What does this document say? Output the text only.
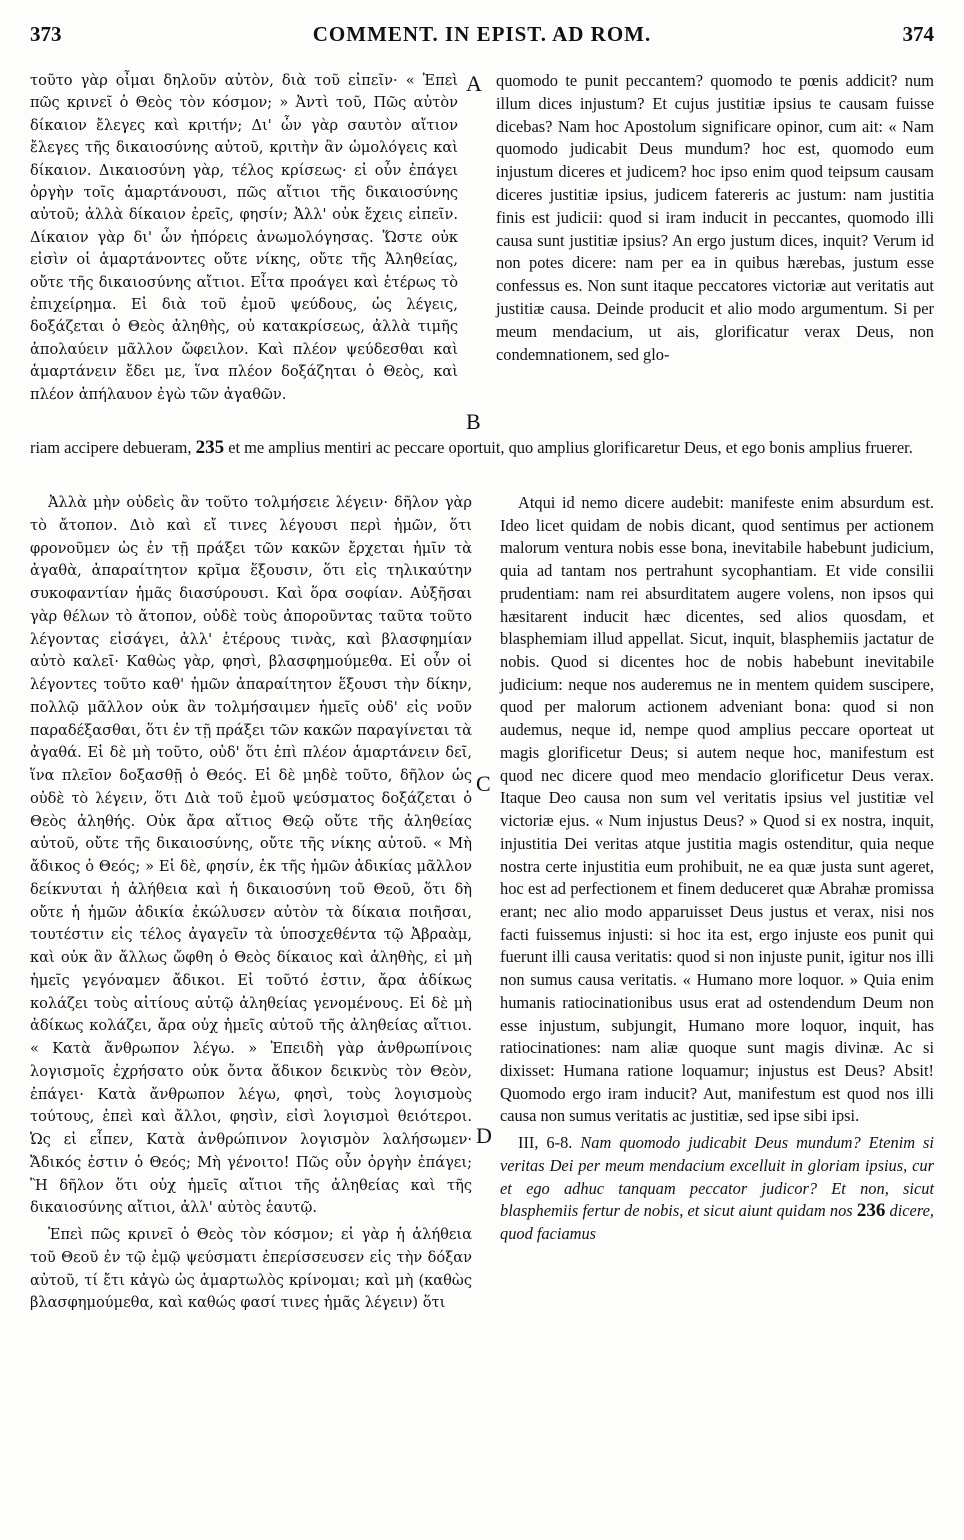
373	COMMENT. IN EPIST. AD ROM.	374

τοῦτο γὰρ οἶμαι δηλοῦν αὐτὸν, διὰ τοῦ εἰπεῖν· « Ἐπεὶ πῶς κρινεῖ ὁ Θεὸς τὸν κόσμον; » Ἀντὶ τοῦ, Πῶς αὐτὸν δίκαιον ἔλεγες καὶ κριτήν; Δι' ὧν γὰρ σαυτὸν αἴτιον ἔλεγες τῆς δικαιοσύνης αὐτοῦ, κριτὴν ἂν ὡμολόγεις καὶ δίκαιον. Δικαιοσύνη γὰρ, τέλος κρίσεως· εἰ οὖν ἐπάγει ὀργὴν τοῖς ἁμαρτάνουσι, πῶς αἴτιοι τῆς δικαιοσύνης αὐτοῦ; ἀλλὰ δίκαιον ἐρεῖς, φησίν; Ἀλλ' οὐκ ἔχεις εἰπεῖν. Δίκαιον γὰρ δι' ὧν ἠπόρεις ἀνωμολόγησας. Ὥστε οὐκ εἰσὶν οἱ ἁμαρτάνοντες οὔτε νίκης, οὔτε τῆς Ἀληθείας, οὔτε τῆς δικαιοσύνης αἴτιοι. Εἶτα προάγει καὶ ἑτέρως τὸ ἐπιχείρημα. Εἰ διὰ τοῦ ἐμοῦ ψεύδους, ὡς λέγεις, δοξάζεται ὁ Θεὸς ἀληθὴς, οὐ κατακρίσεως, ἀλλὰ τιμῆς ἀπολαύειν μᾶλλον ὤφειλον. Καὶ πλέον ψεύδεσθαι καὶ ἁμαρτάνειν ἔδει με, ἵνα πλέον δοξάζηται ὁ Θεὸς, καὶ πλέον ἀπήλαυον ἐγὼ τῶν ἀγαθῶν.

A
B

quomodo te punit peccantem? quomodo te pœnis addicit? num illum dices injustum? Et cujus justitiæ ipsius te causam fuisse dicebas? Nam hoc Apostolum significare opinor, cum ait: « Nam quomodo judicabit Deus mundum? hoc est, quomodo eum injustum diceres et judicem? hoc ipso enim quod teipsum causam diceres justitiæ ipsius, judicem fatereris ac justum: nam justitia finis est judicii: quod si iram inducit in peccantes, quomodo illi causa sunt justitiæ ipsius? An ergo justum dices, inquit? Verum id non potes dicere: nam per ea in quibus hærebas, justum esse confessus es. Non sunt itaque peccatores victoriæ aut veritatis aut justitiæ causa. Deinde producit et alio modo argumentum. Si per meum mendacium, ut ais, glorificatur verax Deus, non condemnationem, sed glo-

riam accipere debueram, 235 et me amplius mentiri ac peccare oportuit, quo amplius glorificaretur Deus, et ego bonis amplius fruerer.

Ἀλλὰ μὴν οὐδεὶς ἂν τοῦτο τολμήσειε λέγειν· δῆλον γὰρ τὸ ἄτοπον. Διὸ καὶ εἴ τινες λέγουσι περὶ ἡμῶν, ὅτι φρονοῦμεν ὡς ἐν τῇ πράξει τῶν κακῶν ἔρχεται ἡμῖν τὰ ἀγαθὰ, ἀπαραίτητον κρῖμα ἕξουσιν, ὅτι εἰς τηλικαύτην συκοφαντίαν ἡμᾶς διασύρουσι. Καὶ ὅρα σοφίαν. Αὐξῆσαι γὰρ θέλων τὸ ἄτοπον, οὐδὲ τοὺς ἀποροῦντας ταῦτα τοῦτο λέγοντας εἰσάγει, ἀλλ' ἑτέρους τινὰς, καὶ βλασφημίαν αὐτὸ καλεῖ· Καθὼς γὰρ, φησὶ, βλασφημούμεθα. Εἰ οὖν οἱ λέγοντες τοῦτο καθ' ἡμῶν ἀπαραίτητον ἕξουσι τὴν δίκην, πολλῷ μᾶλλον οὐκ ἂν τολμήσαιμεν ἡμεῖς οὐδ' εἰς νοῦν παραδέξασθαι, ὅτι ἐν τῇ πράξει τῶν κακῶν παραγίνεται τὰ ἀγαθά. Εἰ δὲ μὴ τοῦτο, οὐδ' ὅτι ἐπὶ πλέον ἁμαρτάνειν δεῖ, ἵνα πλεῖον δοξασθῇ ὁ Θεός. Εἰ δὲ μηδὲ τοῦτο, δῆλον ὡς οὐδὲ τὸ λέγειν, ὅτι Διὰ τοῦ ἐμοῦ ψεύσματος δοξάζεται ὁ Θεὸς ἀληθής. Οὐκ ἄρα αἴτιος Θεῷ οὔτε τῆς ἀληθείας αὐτοῦ, οὔτε τῆς δικαιοσύνης, οὔτε τῆς νίκης αὐτοῦ. « Μὴ ἄδικος ὁ Θεός; » Εἰ δὲ, φησίν, ἐκ τῆς ἡμῶν ἀδικίας μᾶλλον δείκνυται ἡ ἀλήθεια καὶ ἡ δικαιοσύνη τοῦ Θεοῦ, ὅτι δὴ οὔτε ἡ ἡμῶν ἀδικία ἐκώλυσεν αὐτὸν τὰ δίκαια ποιῆσαι, τουτέστιν εἰς τέλος ἀγαγεῖν τὰ ὑποσχεθέντα τῷ Ἀβραὰμ, καὶ οὐκ ἂν ἄλλως ὤφθη ὁ Θεὸς δίκαιος καὶ ἀληθὴς, εἰ μὴ ἡμεῖς γεγόναμεν ἄδικοι. Εἰ τοῦτό ἐστιν, ἄρα ἀδίκως κολάζει τοὺς αἰτίους αὐτῷ ἀληθείας γενομένους. Εἰ δὲ μὴ ἀδίκως κολάζει, ἄρα οὐχ ἡμεῖς αὐτοῦ τῆς ἀληθείας αἴτιοι. « Κατὰ ἄνθρωπον λέγω. » Ἐπειδὴ γὰρ ἀνθρωπίνοις λογισμοῖς ἐχρήσατο οὐκ ὄντα ἄδικον δεικνὺς τὸν Θεὸν, ἐπάγει· Κατὰ ἄνθρωπον λέγω, φησὶ, τοὺς λογισμοὺς τούτους, ἐπεὶ καὶ ἄλλοι, φησὶν, εἰσὶ λογισμοὶ θειότεροι. Ὡς εἰ εἶπεν, Κατὰ ἀνθρώπινον λογισμὸν λαλήσωμεν· Ἄδικός ἐστιν ὁ Θεός; Μὴ γένοιτο! Πῶς οὖν ὀργὴν ἐπάγει; Ἢ δῆλον ὅτι οὐχ ἡμεῖς αἴτιοι τῆς ἀληθείας καὶ τῆς δικαιοσύνης αἴτιοι, ἀλλ' αὐτὸς ἑαυτῷ.

Ἐπεὶ πῶς κρινεῖ ὁ Θεὸς τὸν κόσμον; εἰ γὰρ ἡ ἀλήθεια τοῦ Θεοῦ ἐν τῷ ἐμῷ ψεύσματι ἐπερίσσευσεν εἰς τὴν δόξαν αὐτοῦ, τί ἔτι κἀγὼ ὡς ἁμαρτωλὸς κρίνομαι; καὶ μὴ (καθὼς βλασφημούμεθα, καὶ καθώς φασί τινες ἡμᾶς λέγειν) ὅτι

C
D

Atqui id nemo dicere audebit: manifeste enim absurdum est. Ideo licet quidam de nobis dicant, quod sentimus per actionem malorum ventura nobis esse bona, inevitabile habebunt judicium, quia ad tantam nos pertrahunt sycophantiam. Et vide consilii prudentiam: nam rei absurditatem augere volens, non ipsos qui hæsitarent inducit hæc dicentes, sed alios quosdam, et blasphemiam illud appellat. Sicut, inquit, blasphemiis jactatur de nobis. Quod si dicentes hoc de nobis habebunt inevitabile judicium: neque nos auderemus ne in mentem quidem suscipere, quod per malorum actionem adveniant bona: quod si non audemus, neque id, nempe quod amplius peccare oporteat ut magis glorificetur Deus; si autem neque hoc, manifestum est quod nec dicere quod meo mendacio glorificetur Deus verax. Itaque Deo causa non sum vel veritatis ipsius vel justitiæ vel victoriæ ejus. « Num injustus Deus? » Quod si ex nostra, inquit, injustitia Dei veritas atque justitia magis ostenditur, quia neque nostra certe injustitia eum prohibuit, ne ea quæ justa sunt ageret, hoc est ad perfectionem et finem deduceret quæ Abrahæ promissa erant; nec alio modo apparuisset Deus justus et verax, nisi nos facti fuissemus injusti: si hoc ita est, ergo injuste eos punit qui fuerunt illi causa veritatis: quod si non injuste punit, igitur nos illi non sumus causa veritatis. « Humano more loquor. » Quia enim humanis ratiocinationibus usus erat ad ostendendum Deum non esse injustum, subjungit, Humano more loquor, inquit, has ratiocinationes: nam aliæ quoque sunt magis divinæ. Ac si dixisset: Humana ratione loquamur; injustus est Deus? Absit! Quomodo ergo iram inducit? Aut, manifestum est quod nos illi causa non sumus veritatis ac justitiæ, sed ipse sibi ipsi.

III, 6-8. Nam quomodo judicabit Deus mundum? Etenim si veritas Dei per meum mendacium excelluit in gloriam ipsius, cur et ego adhuc tanquam peccator judicor? Et non, sicut blasphemiis fertur de nobis, et sicut aiunt quidam nos 236 dicere, quod faciamus
